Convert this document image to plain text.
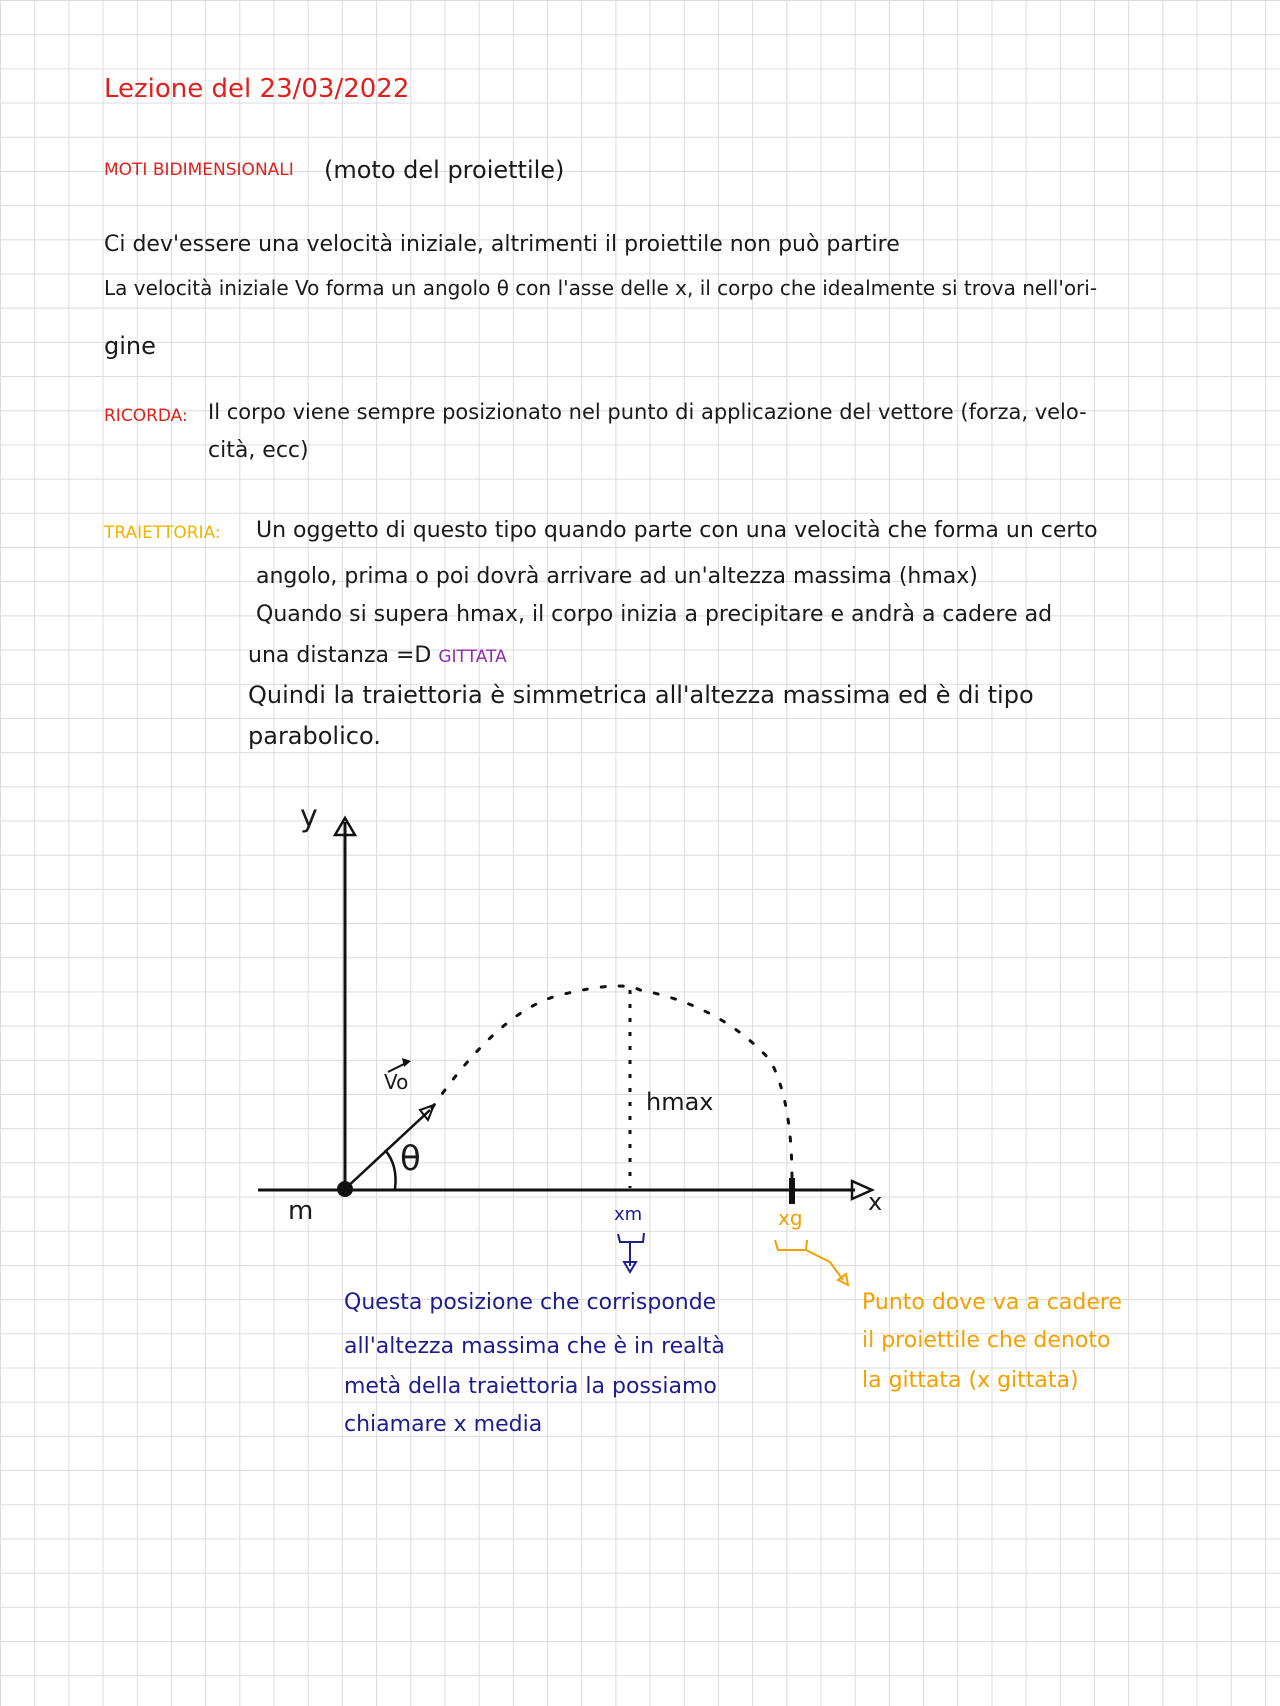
Lezione del 23/03/2022
MOTI BIDIMENSIONALI (moto del proiettile)
Ci dev'essere una velocità iniziale, altrimenti il proiettile non può partire
La velocità iniziale Vo forma un angolo θ con l'asse delle x, il corpo che idealmente si trova nell'ori-
gine
RICORDA: Il corpo viene sempre posizionato nel punto di applicazione del vettore (forza, velo-
cità, ecc)
TRAIETTORIA: Un oggetto di questo tipo quando parte con una velocità che forma un certo
angolo, prima o poi dovrà arrivare ad un'altezza massima (hmax)
Quando si supera hmax, il corpo inizia a precipitare e andrà a cadere ad
una distanza =D GITTATA
Quindi la traiettoria è simmetrica all'altezza massima ed è di tipo
parabolico.
y
x
m
Vo
θ
hmax
xm	xg
Questa posizione che corrisponde
all'altezza massima che è in realtà
metà della traiettoria la possiamo
chiamare x media
Punto dove va a cadere
il proiettile che denoto
la gittata (x gittata)
